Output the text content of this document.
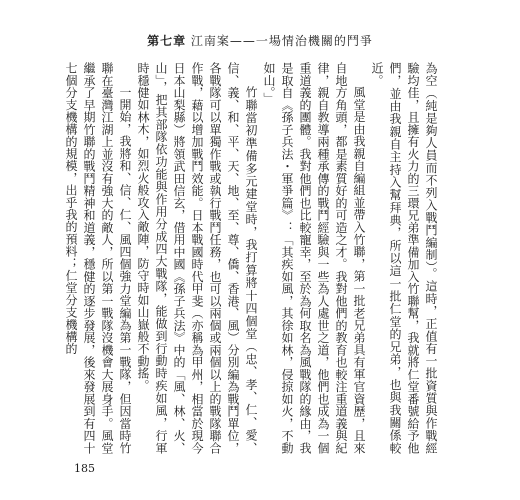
第七章 江南案——一場情治機關的鬥爭

為空（純是夠人員而不列入戰鬥編制）。這時，正值有一批資質與作戰經驗均佳，且擁有火力的三環兄弟準備加入竹聯幫，我就將仁堂番號給予他們，並由我親自主持入幫拜典，所以這一批仁堂的兄弟，也與我關係較近。

風堂是由我親自編組並帶入竹聯，第一批老兄弟具有軍官資歷，且來自地方角頭，都是素質好的可造之才。我對他們的教育也較注重道義與紀律，親自教導兩種承傳的戰鬥經驗與一些為人處世之道，他們也成為一個重道義的團體。我對他們也比較寵幸，至於為何取名為風戰隊的緣由，我是取自《孫子兵法・軍爭篇》：「其疾如風，其徐如林，侵掠如火，不動如山。」

竹聯當初準備多元建堂時，我打算將十四個堂（忠、孝、仁、愛、信、義、和、平、天、地、至、尊、僑、香港、風）分別編為戰鬥單位，各戰隊可以單獨作戰或執行戰鬥任務，也可以兩個或兩個以上的戰隊聯合作戰，藉以增加戰鬥效能。日本戰國時代甲斐（亦稱為甲州，相當於現今日本山梨縣）將領武田信玄，借用中國《孫子兵法》中的「風、林、火、山」，把其部隊依功能與作用分成四大戰隊，能做到行動時疾如風，行軍時穩健如林木，如烈火般攻入敵陣，防守時如山嶽般不動搖。

一開始，我將和、信、仁、風四個強力堂編為第一戰隊，但因當時竹聯在臺灣江湖上並沒有強大的敵人，所以第一戰隊沒機會大展身手。風堂繼承了早期竹聯的戰鬥精神和道義，穩健的逐步發展，後來發展到有四十七個分支機構的規模，出乎我的預料；仁堂分支機構的

185
